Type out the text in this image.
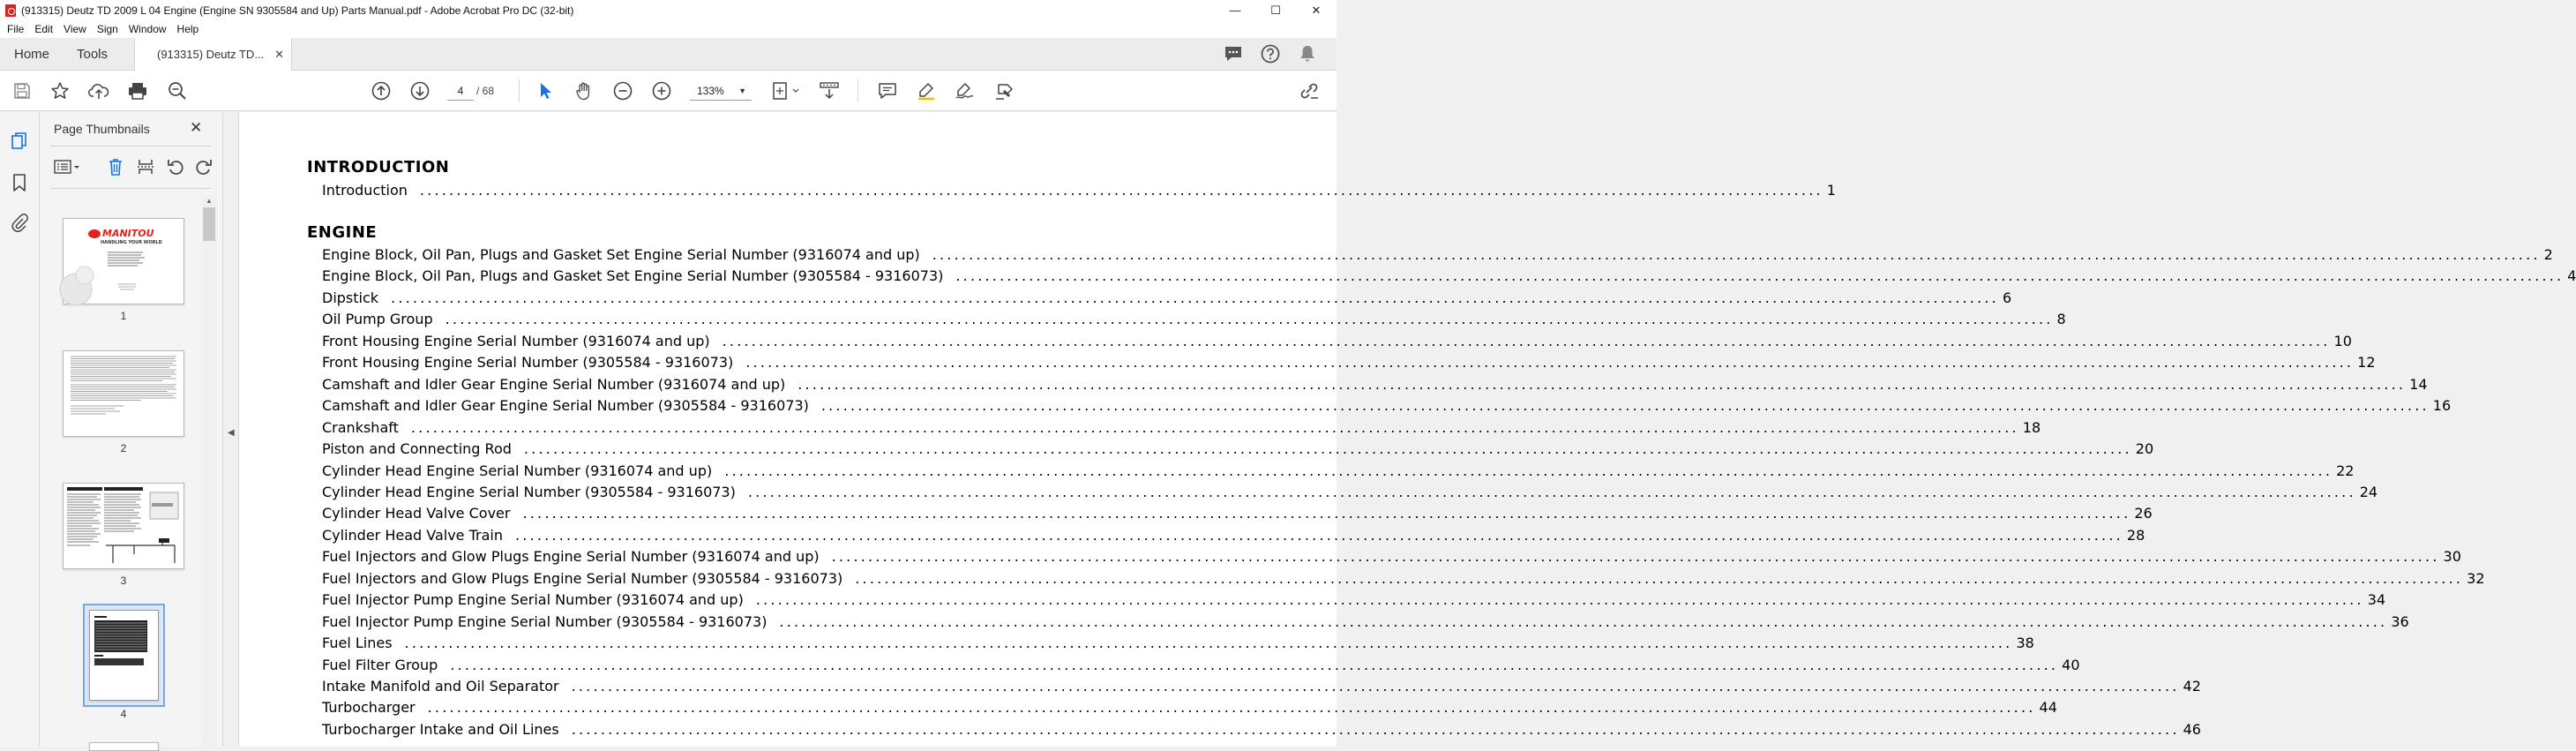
(913315) Deutz TD 2009 L 04 Engine (Engine SN 9305584 and Up) Parts Manual.pdf - Adobe Acrobat Pro DC (32-bit)	—	☐	✕
File	Edit	View	Sign	Window	Help
Home Tools	(913315) Deutz TD... ✕
4	/ 68	133% ▼
Page Thumbnails	✕
▲
MANITOU
HANDLING YOUR WORLD
1
2
3
4
◀
INTRODUCTION
Introduction ................................................................................................................................................................................................ 1
ENGINE
Engine Block, Oil Pan, Plugs and Gasket Set Engine Serial Number (9316074 and up) ............................................................................................................................................................................................................................ 2
Engine Block, Oil Pan, Plugs and Gasket Set Engine Serial Number (9305584 - 9316073) ............................................................................................................................................................................................................................ 4
Dipstick ............................................................................................................................................................................................................................ 6
Oil Pump Group ............................................................................................................................................................................................................................ 8
Front Housing Engine Serial Number (9316074 and up) ............................................................................................................................................................................................................................ 10
Front Housing Engine Serial Number (9305584 - 9316073) ............................................................................................................................................................................................................................ 12
Camshaft and Idler Gear Engine Serial Number (9316074 and up) ............................................................................................................................................................................................................................ 14
Camshaft and Idler Gear Engine Serial Number (9305584 - 9316073) ............................................................................................................................................................................................................................ 16
Crankshaft ............................................................................................................................................................................................................................ 18
Piston and Connecting Rod ............................................................................................................................................................................................................................ 20
Cylinder Head Engine Serial Number (9316074 and up) ............................................................................................................................................................................................................................ 22
Cylinder Head Engine Serial Number (9305584 - 9316073) ............................................................................................................................................................................................................................ 24
Cylinder Head Valve Cover ............................................................................................................................................................................................................................ 26
Cylinder Head Valve Train ............................................................................................................................................................................................................................ 28
Fuel Injectors and Glow Plugs Engine Serial Number (9316074 and up) ............................................................................................................................................................................................................................ 30
Fuel Injectors and Glow Plugs Engine Serial Number (9305584 - 9316073) ............................................................................................................................................................................................................................ 32
Fuel Injector Pump Engine Serial Number (9316074 and up) ............................................................................................................................................................................................................................ 34
Fuel Injector Pump Engine Serial Number (9305584 - 9316073) ............................................................................................................................................................................................................................ 36
Fuel Lines ............................................................................................................................................................................................................................ 38
Fuel Filter Group ............................................................................................................................................................................................................................ 40
Intake Manifold and Oil Separator ............................................................................................................................................................................................................................ 42
Turbocharger ............................................................................................................................................................................................................................ 44
Turbocharger Intake and Oil Lines ............................................................................................................................................................................................................................ 46
